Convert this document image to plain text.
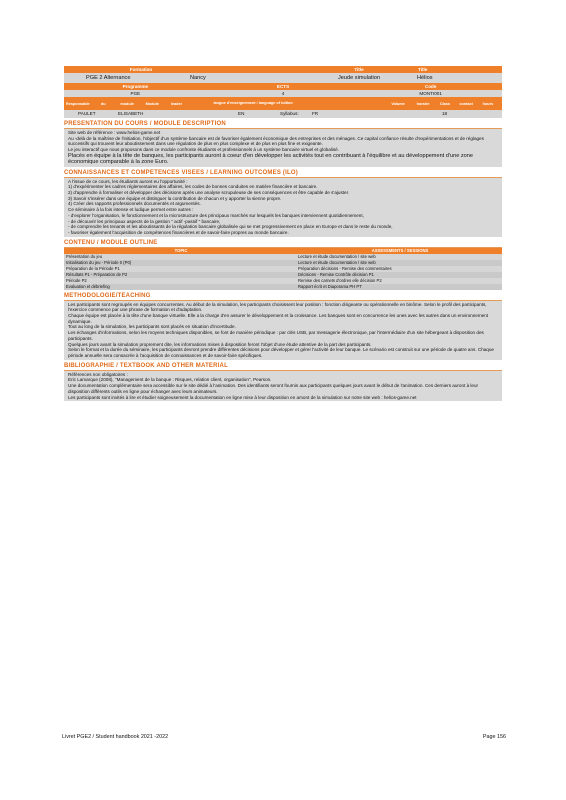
Formation	Title	Title
PGE 2 Alternance	Nancy	Jeude simulation	Hélios
Programme	ECTS	Code
PGE	4	MONTI001
Responsable	du	module	Module	leader	langue d'enseignement / language of tuition	Volume	horaire	Class	contact	hours
PAULET	ELISABETH	EN	Syllabus:	FR	18
PRESENTATION DU COURS / MODULE DESCRIPTION

Site web de référence : www.helios-game.net

Au -delà de la maîtrise de l'initiation, l'objectif d'un système bancaire est de favoriser également économique des entreprises et des ménages. Ce capital confiance résulte d'expérimentations et de réglages successifs qui trouvent leur aboutissement dans une régulation de plus en plus complexe et de plus en plus fine et exigeante.

Le jeu interactif que nous proposons dans ce module confronte étudiants et professionnels à un système bancaire virtuel et globalisé.

Placés en équipe à la tête de banques, les participants auront à coeur d'en développer les activités tout en contribuant à l'équilibre et au développement d'une zone économique comparable à la zone Euro.

CONNAISSANCES ET COMPETENCES VISEES / LEARNING OUTCOMES (ILO)

A l'issue de ce cours, les étudiants auront eu l'opportunité :

1) d'expérimenter les cadres réglementaires des affaires, les codes de bonnes conduites en matière financière et bancaire.

2) d'apprendre à formaliser et développer des décisions après une analyse scrupuleuse de ses conséquences et être capable de s'ajuster.

3) Savoir s'insérer dans une équipe et distinguer la contribution de chacun et y apporter la sienne propre.

4) Créer des rapports professionnels documentés et argumentés.

Ce séminaire à la fois intense et ludique permet entre autres :

- d'explorer l'organisation, le fonctionnement et la microstructure des principaux marchés sur lesquels les banques interviennent quotidiennement,

- de découvrir les principaux aspects de la gestion " actif -passif " bancaire,

- de comprendre les tenants et les aboutissants de la régulation bancaire globalisée qui se met progressivement en place en Europe et dans le reste du monde,

- favoriser également l'acquisition de compétences financières et de savoir-faire propres au monde bancaire.

CONTENU / MODULE OUTLINE
TOPIC	ASSESSMENTS / SESSIONS
Présentation du jeu	Lecture et étude documentation / site web
Initialisation du jeu - Période 0 (P0)	Lecture et étude documentation / site web
Préparation de la Période P1	Préparation décisions - Remise des commentaires
Résultats P1 - Préparation de P2	Décisions - Remise Contrôle décision P1
Période P2	Remise des carnets d'ordres elle décision P2
Evaluation et débriefing	Rapport écrit et Diaporama PH PT
METHODOLOGIE/TEACHING

Les participants sont regroupés en équipes concurrentes. Au début de la simulation, les participants choisissent leur position : fonction dirigeante ou opérationnelle en binôme. Selon le profil des participants, l'exercice commence par une phrase de formation et d'adaptation.

Chaque équipe est placée à la tête d'une banque virtuelle. Elle a la charge d'en assurer le développement et la croissance. Les banques sont en concurrence les unes avec les autres dans un environnement dynamique.

Tout au long de la simulation, les participants sont placés en situation d'incertitude.

Les échanges d'informations, selon les moyens techniques disponibles, se font de manière périodique : par clés USB, par messagerie électronique, par l'intermédiaire d'un site hébergeant à disposition des participants.

Quelques jours avant la simulation proprement dite, les informations mises à disposition feront l'objet d'une étude attentive de la part des participants.

Selon le format et la durée du séminaire, les participants devront prendre différentes décisions pour développer et gérer l'activité de leur banque. Le scénario est construit sur une période de quatre ans. Chaque période annuelle sera consacrée à l'acquisition de connaissances et de savoir-faire spécifiques.

BIBLIOGRAPHIE / TEXTBOOK AND OTHER MATERIAL

Références non obligatoires :

Eric Lamarque (2008), "Management de la banque : Risques, relation client, organisation", Pearson.

Une documentation complémentaire sera accessible sur le site dédié à l'animation. Des identifiants seront fournis aux participants quelques jours avant le début de l'animation. Ces derniers auront à leur disposition différents outils en ligne pour échanger avec leurs animateurs.

Les participants sont invités à lire et étudier soigneusement la documentation en ligne mise à leur disposition en amont de la simulation sur notre site web : helios-game.net

Livret PGE2 / Student handbook 2021 -2022	Page 156
